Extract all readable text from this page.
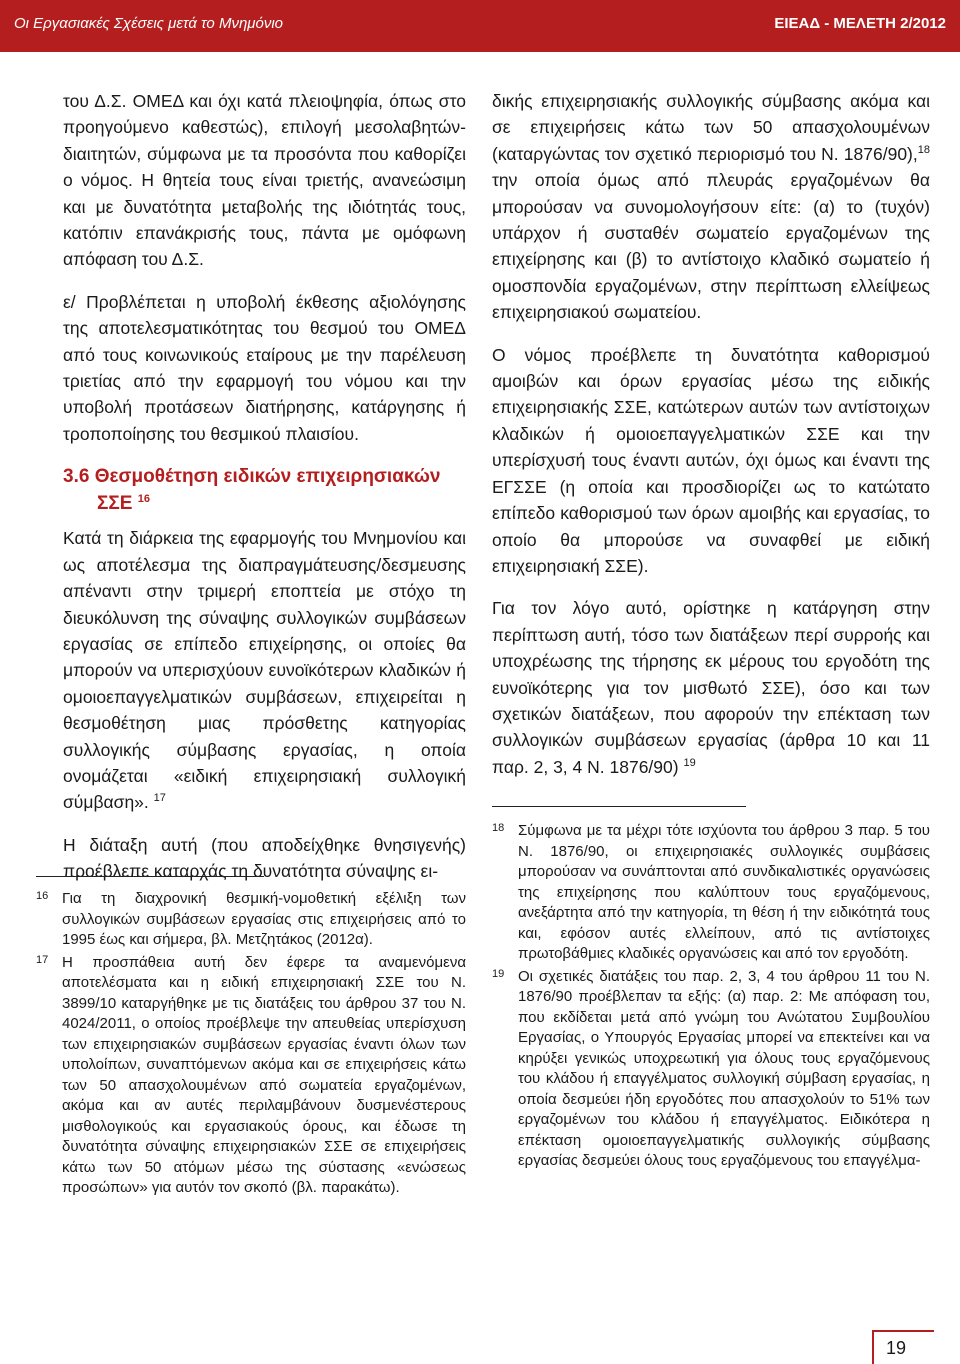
Οι Εργασιακές Σχέσεις μετά το Μνημόνιο	ΕΙΕΑΔ - ΜΕΛΕΤΗ 2/2012

του Δ.Σ. ΟΜΕΔ και όχι κατά πλειοψηφία, όπως στο προηγούμενο καθεστώς), επιλογή μεσολαβητών-διαιτητών, σύμφωνα με τα προσόντα που καθορίζει ο νόμος. Η θητεία τους είναι τριετής, ανανεώσιμη και με δυνατότητα μεταβολής της ιδιότητάς τους, κατόπιν επανάκρισής τους, πάντα με ομόφωνη απόφαση του Δ.Σ.

ε/ Προβλέπεται η υποβολή έκθεσης αξιολόγησης της αποτελεσματικότητας του θεσμού του ΟΜΕΔ από τους κοινωνικούς εταίρους με την παρέλευση τριετίας από την εφαρμογή του νόμου και την υποβολή προτάσεων διατήρησης, κατάργησης ή τροποποίησης του θεσμικού πλαισίου.

3.6 Θεσμοθέτηση ειδικών επιχειρησιακών
ΣΣΕ $^{16}$

Κατά τη διάρκεια της εφαρμογής του Μνημονίου και ως αποτέλεσμα της διαπραγμάτευσης/δεσμευσης απέναντι στην τριμερή εποπτεία με στόχο τη διευκόλυνση της σύναψης συλλογικών συμβάσεων εργασίας σε επίπεδο επιχείρησης, οι οποίες θα μπορούν να υπερισχύουν ευνοϊκότερων κλαδικών ή ομοιοεπαγγελματικών συμβάσεων, επιχειρείται η θεσμοθέτηση μιας πρόσθετης κατηγορίας συλλογικής σύμβασης εργασίας, η οποία ονομάζεται «ειδική επιχειρησιακή συλλογική σύμβαση». $^{17}$

Η διάταξη αυτή (που αποδείχθηκε θνησιγενής) προέβλεπε καταρχάς τη δυνατότητα σύναψης ει-

16 Για τη διαχρονική θεσμική-νομοθετική εξέλιξη των συλλογικών συμβάσεων εργασίας στις επιχειρήσεις από το 1995 έως και σήμερα, βλ. Μετζητάκος (2012α).
17 Η προσπάθεια αυτή δεν έφερε τα αναμενόμενα αποτελέσματα και η ειδική επιχειρησιακή ΣΣΕ του Ν. 3899/10 καταργήθηκε με τις διατάξεις του άρθρου 37 του Ν. 4024/2011, ο οποίος προέβλεψε την απευθείας υπερίσχυση των επιχειρησιακών συμβάσεων εργασίας έναντι όλων των υπολοίπων, συναπτόμενων ακόμα και σε επιχειρήσεις κάτω των 50 απασχολουμένων από σωματεία εργαζομένων, ακόμα και αν αυτές περιλαμβάνουν δυσμενέστερους μισθολογικούς και εργασιακούς όρους, και έδωσε τη δυνατότητα σύναψης επιχειρησιακών ΣΣΕ σε επιχειρήσεις κάτω των 50 ατόμων μέσω της σύστασης «ενώσεως προσώπων» για αυτόν τον σκοπό (βλ. παρακάτω).

δικής επιχειρησιακής συλλογικής σύμβασης ακόμα και σε επιχειρήσεις κάτω των 50 απασχολουμένων (καταργώντας τον σχετικό περιορισμό του Ν. 1876/90),$^{18}$ την οποία όμως από πλευράς εργαζομένων θα μπορούσαν να συνομολογήσουν είτε: (α) το (τυχόν) υπάρχον ή συσταθέν σωματείο εργαζομένων της επιχείρησης και (β) το αντίστοιχο κλαδικό σωματείο ή ομοσπονδία εργαζομένων, στην περίπτωση ελλείψεως επιχειρησιακού σωματείου.

Ο νόμος προέβλεπε τη δυνατότητα καθορισμού αμοιβών και όρων εργασίας μέσω της ειδικής επιχειρησιακής ΣΣΕ, κατώτερων αυτών των αντίστοιχων κλαδικών ή ομοιοεπαγγελματικών ΣΣΕ και την υπερίσχυσή τους έναντι αυτών, όχι όμως και έναντι της ΕΓΣΣΕ (η οποία και προσδιορίζει ως το κατώτατο επίπεδο καθορισμού των όρων αμοιβής και εργασίας, το οποίο θα μπορούσε να συναφθεί με ειδική επιχειρησιακή ΣΣΕ).

Για τον λόγο αυτό, ορίστηκε η κατάργηση στην περίπτωση αυτή, τόσο των διατάξεων περί συρροής και υποχρέωσης της τήρησης εκ μέρους του εργοδότη της ευνοϊκότερης για τον μισθωτό ΣΣΕ), όσο και των σχετικών διατάξεων, που αφορούν την επέκταση των συλλογικών συμβάσεων εργασίας (άρθρα 10 και 11 παρ. 2, 3, 4 Ν. 1876/90) $^{19}$

18 Σύμφωνα με τα μέχρι τότε ισχύοντα του άρθρου 3 παρ. 5 του Ν. 1876/90, οι επιχειρησιακές συλλογικές συμβάσεις μπορούσαν να συνάπτονται από συνδικαλιστικές οργανώσεις της επιχείρησης που καλύπτουν τους εργαζόμενους, ανεξάρτητα από την κατηγορία, τη θέση ή την ειδικότητά τους και, εφόσον αυτές ελλείπουν, από τις αντίστοιχες πρωτοβάθμιες κλαδικές οργανώσεις και από τον εργοδότη.
19 Οι σχετικές διατάξεις του παρ. 2, 3, 4 του άρθρου 11 του Ν. 1876/90 προέβλεπαν τα εξής: (α) παρ. 2: Με απόφαση του, που εκδίδεται μετά από γνώμη του Ανώτατου Συμβουλίου Εργασίας, ο Υπουργός Εργασίας μπορεί να επεκτείνει και να κηρύξει γενικώς υποχρεωτική για όλους τους εργαζόμενους του κλάδου ή επαγγέλματος συλλογική σύμβαση εργασίας, η οποία δεσμεύει ήδη εργοδότες που απασχολούν το 51% των εργαζομένων του κλάδου ή επαγγέλματος. Ειδικότερα η επέκταση ομοιοεπαγγελματικής συλλογικής σύμβασης εργασίας δεσμεύει όλους τους εργαζόμενους του επαγγέλμα-
19
